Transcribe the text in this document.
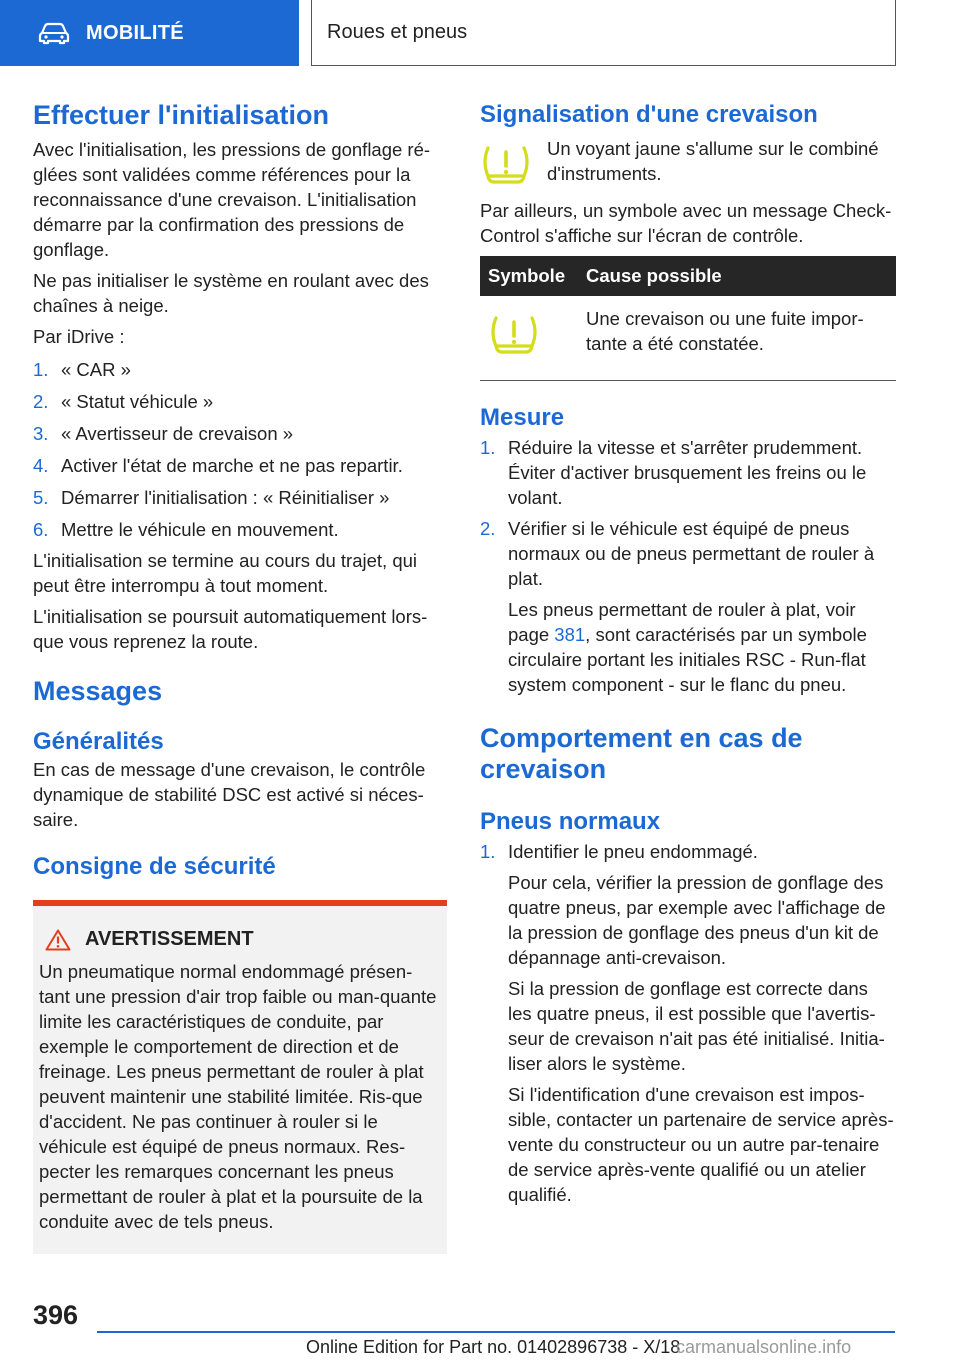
MOBILITÉ	Roues et pneus
Effectuer l'initialisation

Avec l'initialisation, les pressions de gonflage ré-glées sont validées comme références pour la reconnaissance d'une crevaison. L'initialisation démarre par la confirmation des pressions de gonflage.

Ne pas initialiser le système en roulant avec des chaînes à neige.

Par iDrive :

1. « CAR »
2. « Statut véhicule »
3. « Avertisseur de crevaison »
4. Activer l'état de marche et ne pas repartir.
5. Démarrer l'initialisation : « Réinitialiser »
6. Mettre le véhicule en mouvement.

L'initialisation se termine au cours du trajet, qui peut être interrompu à tout moment.

L'initialisation se poursuit automatiquement lors-que vous reprenez la route.

Messages
Généralités

En cas de message d'une crevaison, le contrôle dynamique de stabilité DSC est activé si néces-saire.

Consigne de sécurité
AVERTISSEMENT

Un pneumatique normal endommagé présen-tant une pression d'air trop faible ou man-quante limite les caractéristiques de conduite, par exemple le comportement de direction et de freinage. Les pneus permettant de rouler à plat peuvent maintenir une stabilité limitée. Ris-que d'accident. Ne pas continuer à rouler si le véhicule est équipé de pneus normaux. Res-pecter les remarques concernant les pneus permettant de rouler à plat et la poursuite de la conduite avec de tels pneus.

Signalisation d'une crevaison

Un voyant jaune s'allume sur le combiné d'instruments.

Par ailleurs, un symbole avec un message Check-Control s'affiche sur l'écran de contrôle.

Symbole	Cause possible
	Une crevaison ou une fuite impor-tante a été constatée.
Mesure
1. Réduire la vitesse et s'arrêter prudemment. Éviter d'activer brusquement les freins ou le volant.
2. Vérifier si le véhicule est équipé de pneus normaux ou de pneus permettant de rouler à plat.

Les pneus permettant de rouler à plat, voir page 381, sont caractérisés par un symbole circulaire portant les initiales RSC - Run-flat system component - sur le flanc du pneu.

Comportement en cas de crevaison
Pneus normaux
1. Identifier le pneu endommagé.

Pour cela, vérifier la pression de gonflage des quatre pneus, par exemple avec l'affichage de la pression de gonflage des pneus d'un kit de dépannage anti-crevaison.

Si la pression de gonflage est correcte dans les quatre pneus, il est possible que l'avertis-seur de crevaison n'ait pas été initialisé. Initia-liser alors le système.

Si l'identification d'une crevaison est impos-sible, contacter un partenaire de service après-vente du constructeur ou un autre par-tenaire de service après-vente qualifié ou un atelier qualifié.

396
Online Edition for Part no. 01402896738 - X/18
carmanualsonline.info
